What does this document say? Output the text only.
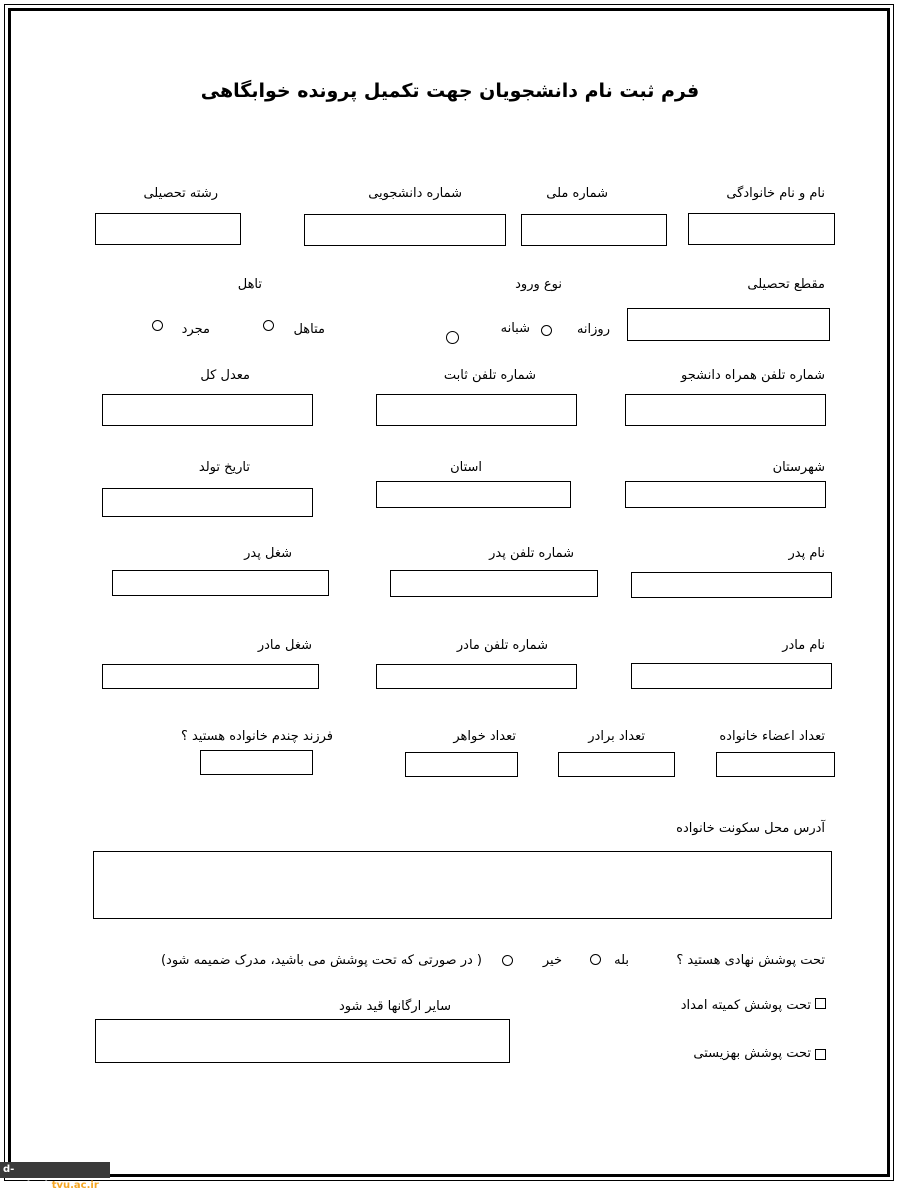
فرم ثبت نام دانشجویان جهت تکمیل پرونده خوابگاهی
نام و نام خانوادگی
شماره ملی
شماره دانشجویی
رشته تحصیلی
مقطع تحصیلی
نوع ورود
روزانه
شبانه
تاهل
متاهل
مجرد
شماره تلفن همراه دانشجو
شماره تلفن ثابت
معدل کل
شهرستان
استان
تاریخ تولد
نام پدر
شماره تلفن پدر
شغل پدر
نام مادر
شماره تلفن مادر
شغل مادر
تعداد اعضاء خانواده
تعداد برادر
تعداد خواهر
فرزند چندم خانواده هستید ؟
آدرس محل سکونت خانواده
تحت پوشش نهادی هستید ؟
بله
خیر
( در صورتی که تحت پوشش می باشید، مدرک ضمیمه شود)
تحت پوشش کمیته امداد
تحت پوشش بهزیستی
سایر ارگانها قید شود
d-meybod.tvu.ac.ir
